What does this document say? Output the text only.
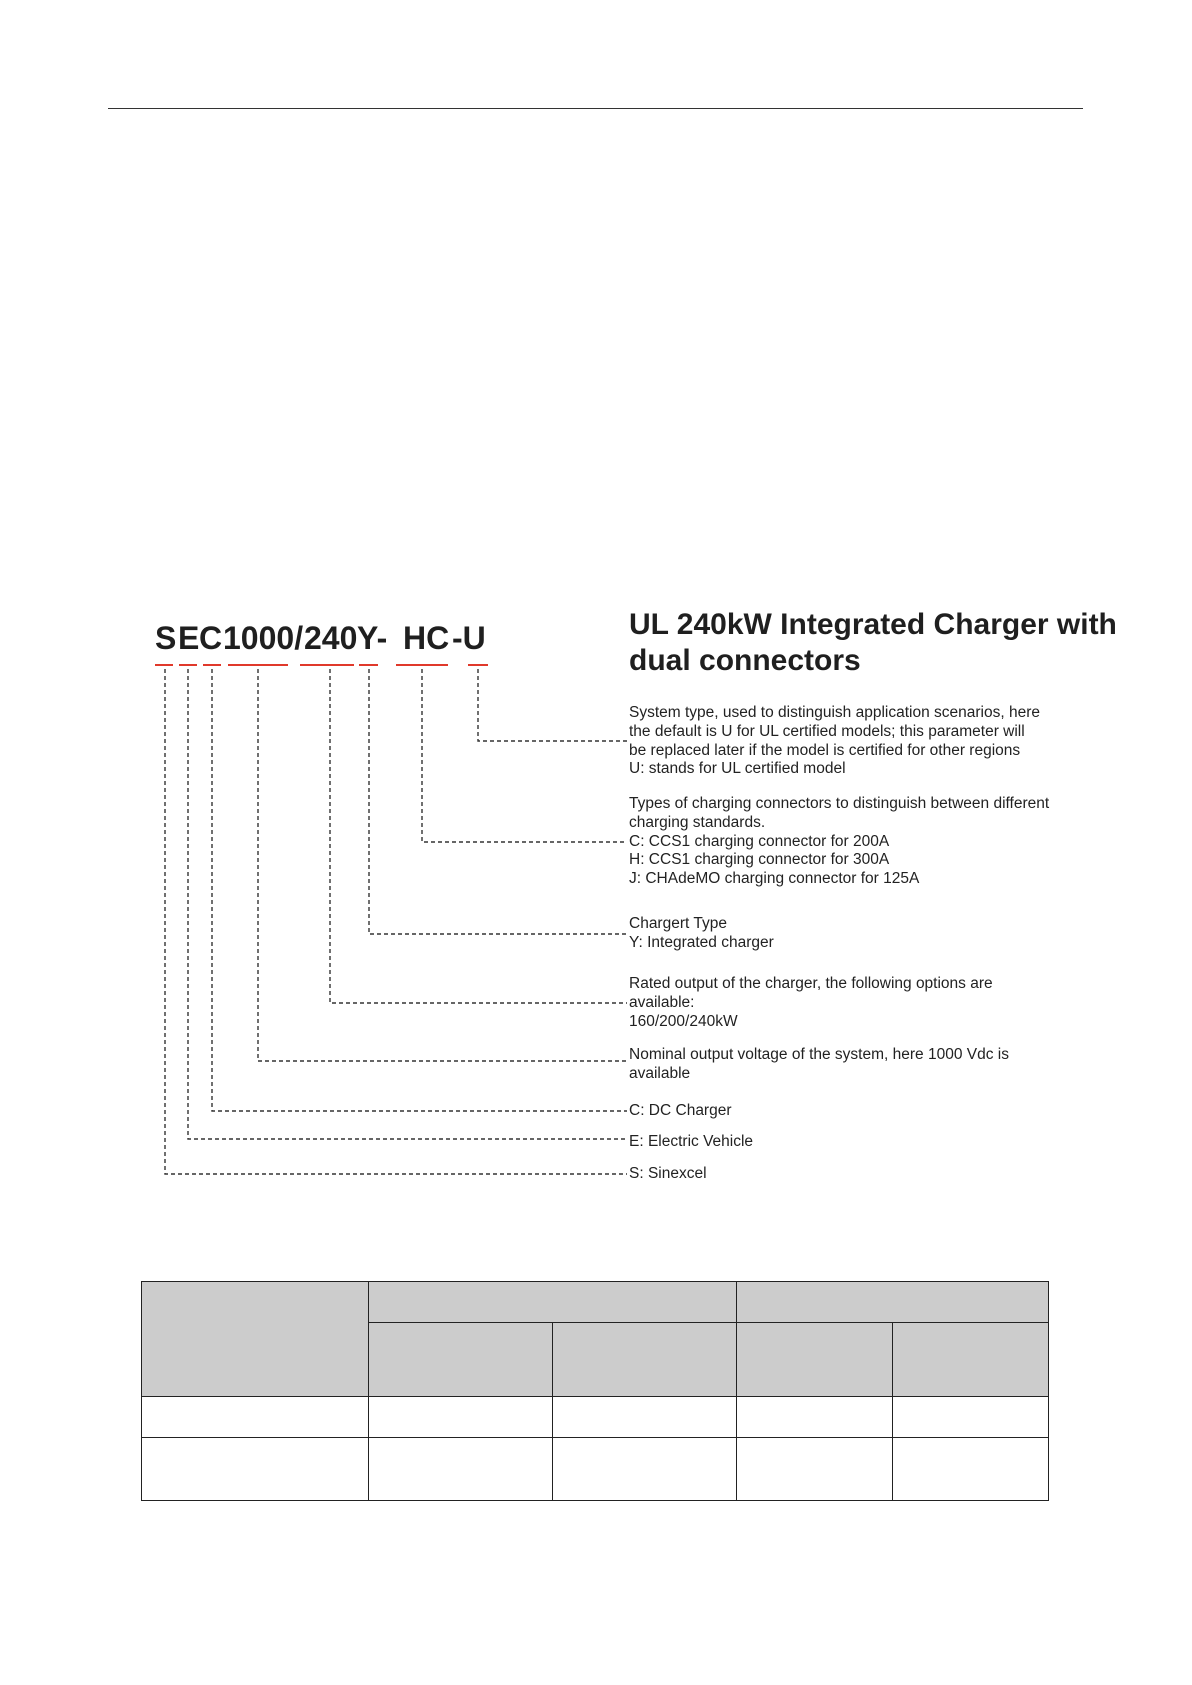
S E C 1000/ 240 Y- HC -U	UL 240kW Integrated Charger with
dual connectors
System type, used to distinguish application scenarios, here
the default is U for UL certified models; this parameter will
be replaced later if the model is certified for other regions
U: stands for UL certified model
Types of charging connectors to distinguish between different
charging standards.
C: CCS1 charging connector for 200A
H: CCS1 charging connector for 300A
J: CHAdeMO charging connector for 125A
Chargert Type
Y: Integrated charger
Rated output of the charger, the following options are
available:
160/200/240kW
Nominal output voltage of the system, here 1000 Vdc is
available
C: DC Charger
E: Electric Vehicle
S: Sinexcel
